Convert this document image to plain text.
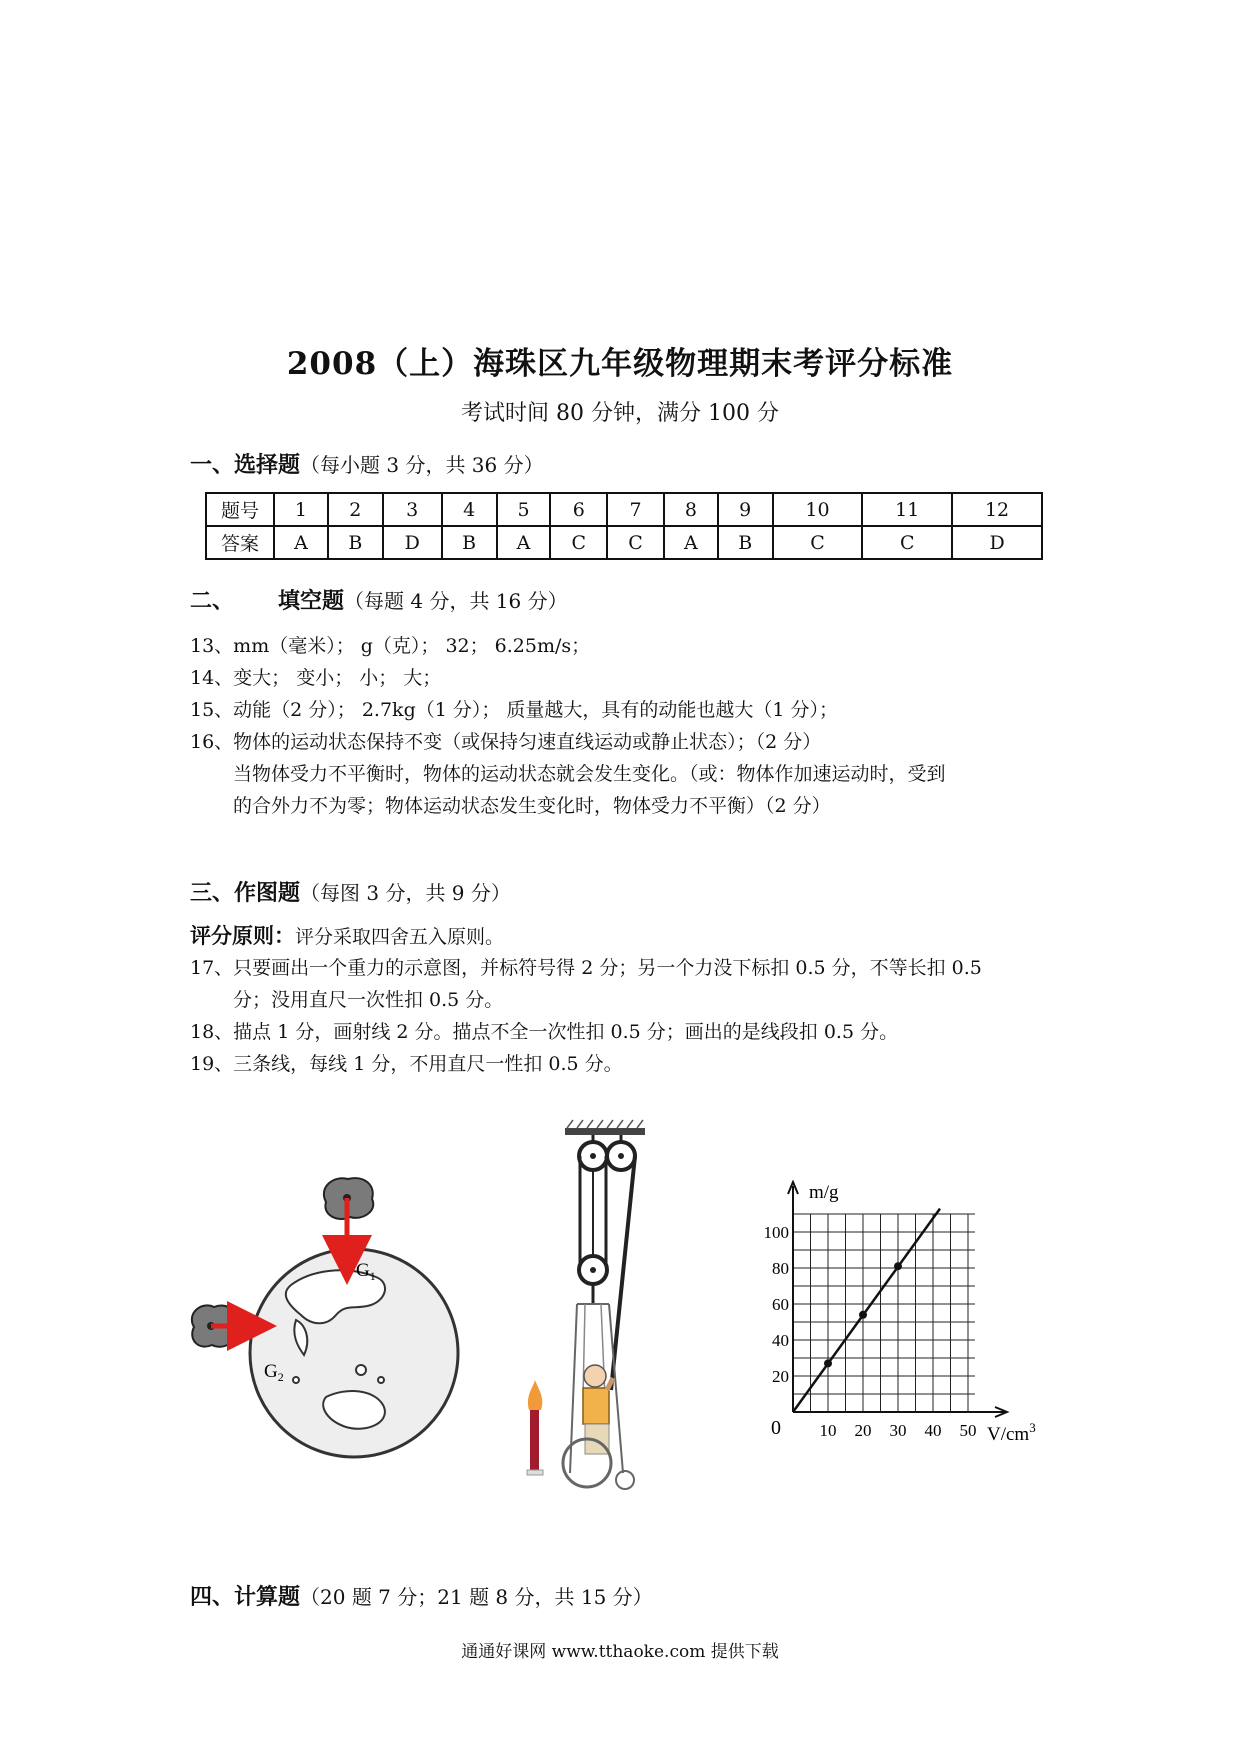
2008（上）海珠区九年级物理期末考评分标准
考试时间 80 分钟，满分 100 分
一、选择题（每小题 3 分，共 36 分）
题号	1	2	3	4	5	6	7	8	9	10	11	12
答案	A	B	D	B	A	C	C	A	B	C	C	D
二、 填空题（每题 4 分，共 16 分）
13、mm（毫米）； g（克）； 32； 6.25m/s；
14、变大； 变小； 小； 大；
15、动能（2 分）； 2.7kg（1 分）； 质量越大，具有的动能也越大（1 分）；
16、物体的运动状态保持不变（或保持匀速直线运动或静止状态）；（2 分）
当物体受力不平衡时，物体的运动状态就会发生变化。（或：物体作加速运动时，受到
的合外力不为零；物体运动状态发生变化时，物体受力不平衡）（2 分）
三、作图题（每图 3 分，共 9 分）
评分原则：评分采取四舍五入原则。
17、只要画出一个重力的示意图，并标符号得 2 分；另一个力没下标扣 0.5 分，不等长扣 0.5
分；没用直尺一次性扣 0.5 分。
18、描点 1 分，画射线 2 分。描点不全一次性扣 0.5 分；画出的是线段扣 0.5 分。
19、三条线，每线 1 分，不用直尺一性扣 0.5 分。
$G_1$
$G_2$
10 20 30 40 50
20
40
60
80
100
m/g
$V/cm^3$
0
四、计算题（20 题 7 分；21 题 8 分，共 15 分）
通通好课网 www.tthaoke.com 提供下载
